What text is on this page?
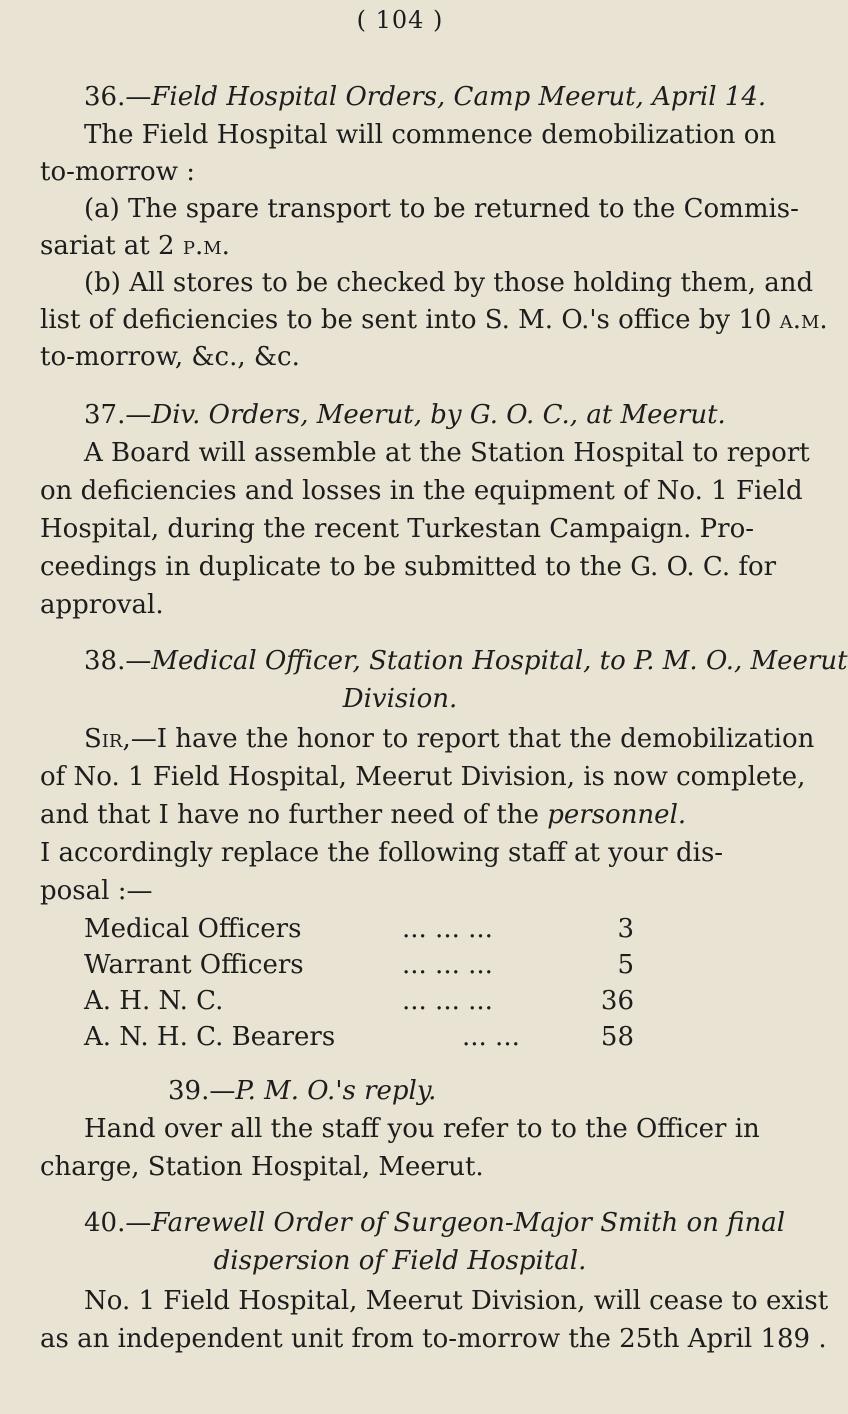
( 104 )
36.—Field Hospital Orders, Camp Meerut, April 14.
The Field Hospital will commence demobilization on
to-morrow :
(a) The spare transport to be returned to the Commis-
sariat at 2 p.m.
(b) All stores to be checked by those holding them, and
list of deficiencies to be sent into S. M. O.'s office by 10 a.m.
to-morrow, &c., &c.
37.—Div. Orders, Meerut, by G. O. C., at Meerut.
A Board will assemble at the Station Hospital to report
on deficiencies and losses in the equipment of No. 1 Field
Hospital, during the recent Turkestan Campaign. Pro-
ceedings in duplicate to be submitted to the G. O. C. for
approval.
38.—Medical Officer, Station Hospital, to P. M. O., Meerut
Division.
Sir,—I have the honor to report that the demobilization
of No. 1 Field Hospital, Meerut Division, is now complete,
and that I have no further need of the personnel.
I accordingly replace the following staff at your dis-
posal :—
Medical Officers	... ... ...	3
Warrant Officers	... ... ...	5
A. H. N. C.	... ... ...	36
A. N. H. C. Bearers	... ...	58
39.—P. M. O.'s reply.
Hand over all the staff you refer to to the Officer in
charge, Station Hospital, Meerut.
40.—Farewell Order of Surgeon-Major Smith on final
dispersion of Field Hospital.
No. 1 Field Hospital, Meerut Division, will cease to exist
as an independent unit from to-morrow the 25th April 189 .
